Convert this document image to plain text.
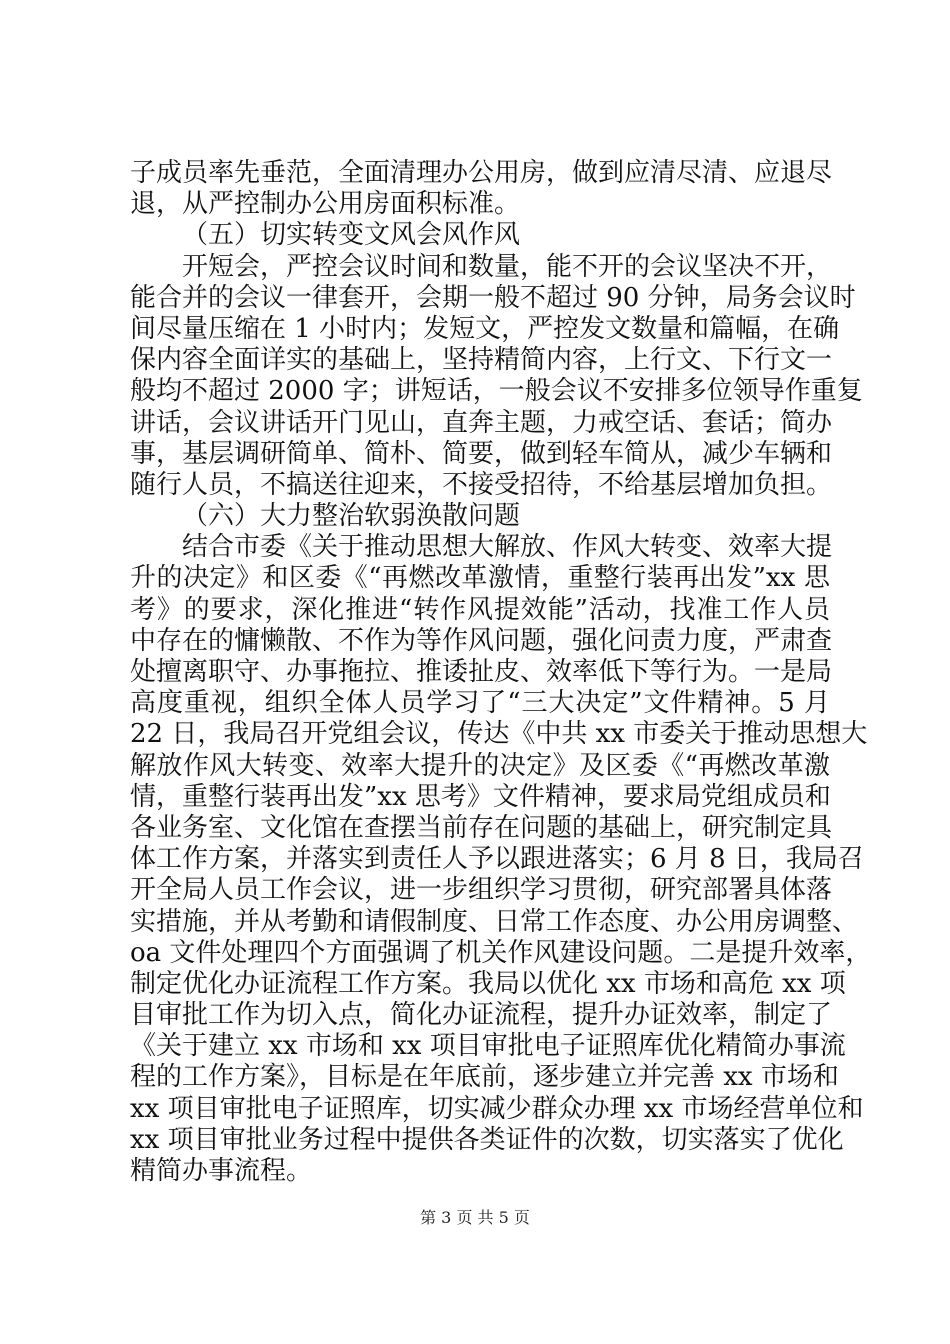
子成员率先垂范，全面清理办公用房，做到应清尽清、应退尽
退，从严控制办公用房面积标准。
（五）切实转变文风会风作风
开短会，严控会议时间和数量，能不开的会议坚决不开，
能合并的会议一律套开，会期一般不超过 90 分钟，局务会议时
间尽量压缩在 1 小时内；发短文，严控发文数量和篇幅，在确
保内容全面详实的基础上，坚持精简内容，上行文、下行文一
般均不超过 2000 字；讲短话，一般会议不安排多位领导作重复
讲话，会议讲话开门见山，直奔主题，力戒空话、套话；简办
事，基层调研简单、简朴、简要，做到轻车简从，减少车辆和
随行人员，不搞送往迎来，不接受招待，不给基层增加负担。
（六）大力整治软弱涣散问题
结合市委《关于推动思想大解放、作风大转变、效率大提
升的决定》和区委《“再燃改革激情，重整行装再出发”xx 思
考》的要求，深化推进“转作风提效能”活动，找准工作人员
中存在的慵懒散、不作为等作风问题，强化问责力度，严肃查
处擅离职守、办事拖拉、推诿扯皮、效率低下等行为。一是局
高度重视，组织全体人员学习了“三大决定”文件精神。5 月
22 日，我局召开党组会议，传达《中共 xx 市委关于推动思想大
解放作风大转变、效率大提升的决定》及区委《“再燃改革激
情，重整行装再出发”xx 思考》文件精神，要求局党组成员和
各业务室、文化馆在查摆当前存在问题的基础上，研究制定具
体工作方案，并落实到责任人予以跟进落实；6 月 8 日，我局召
开全局人员工作会议，进一步组织学习贯彻，研究部署具体落
实措施，并从考勤和请假制度、日常工作态度、办公用房调整、
oa 文件处理四个方面强调了机关作风建设问题。二是提升效率，
制定优化办证流程工作方案。我局以优化 xx 市场和高危 xx 项
目审批工作为切入点，简化办证流程，提升办证效率，制定了
《关于建立 xx 市场和 xx 项目审批电子证照库优化精简办事流
程的工作方案》，目标是在年底前，逐步建立并完善 xx 市场和
xx 项目审批电子证照库，切实减少群众办理 xx 市场经营单位和
xx 项目审批业务过程中提供各类证件的次数，切实落实了优化
精简办事流程。
第 3 页 共 5 页
